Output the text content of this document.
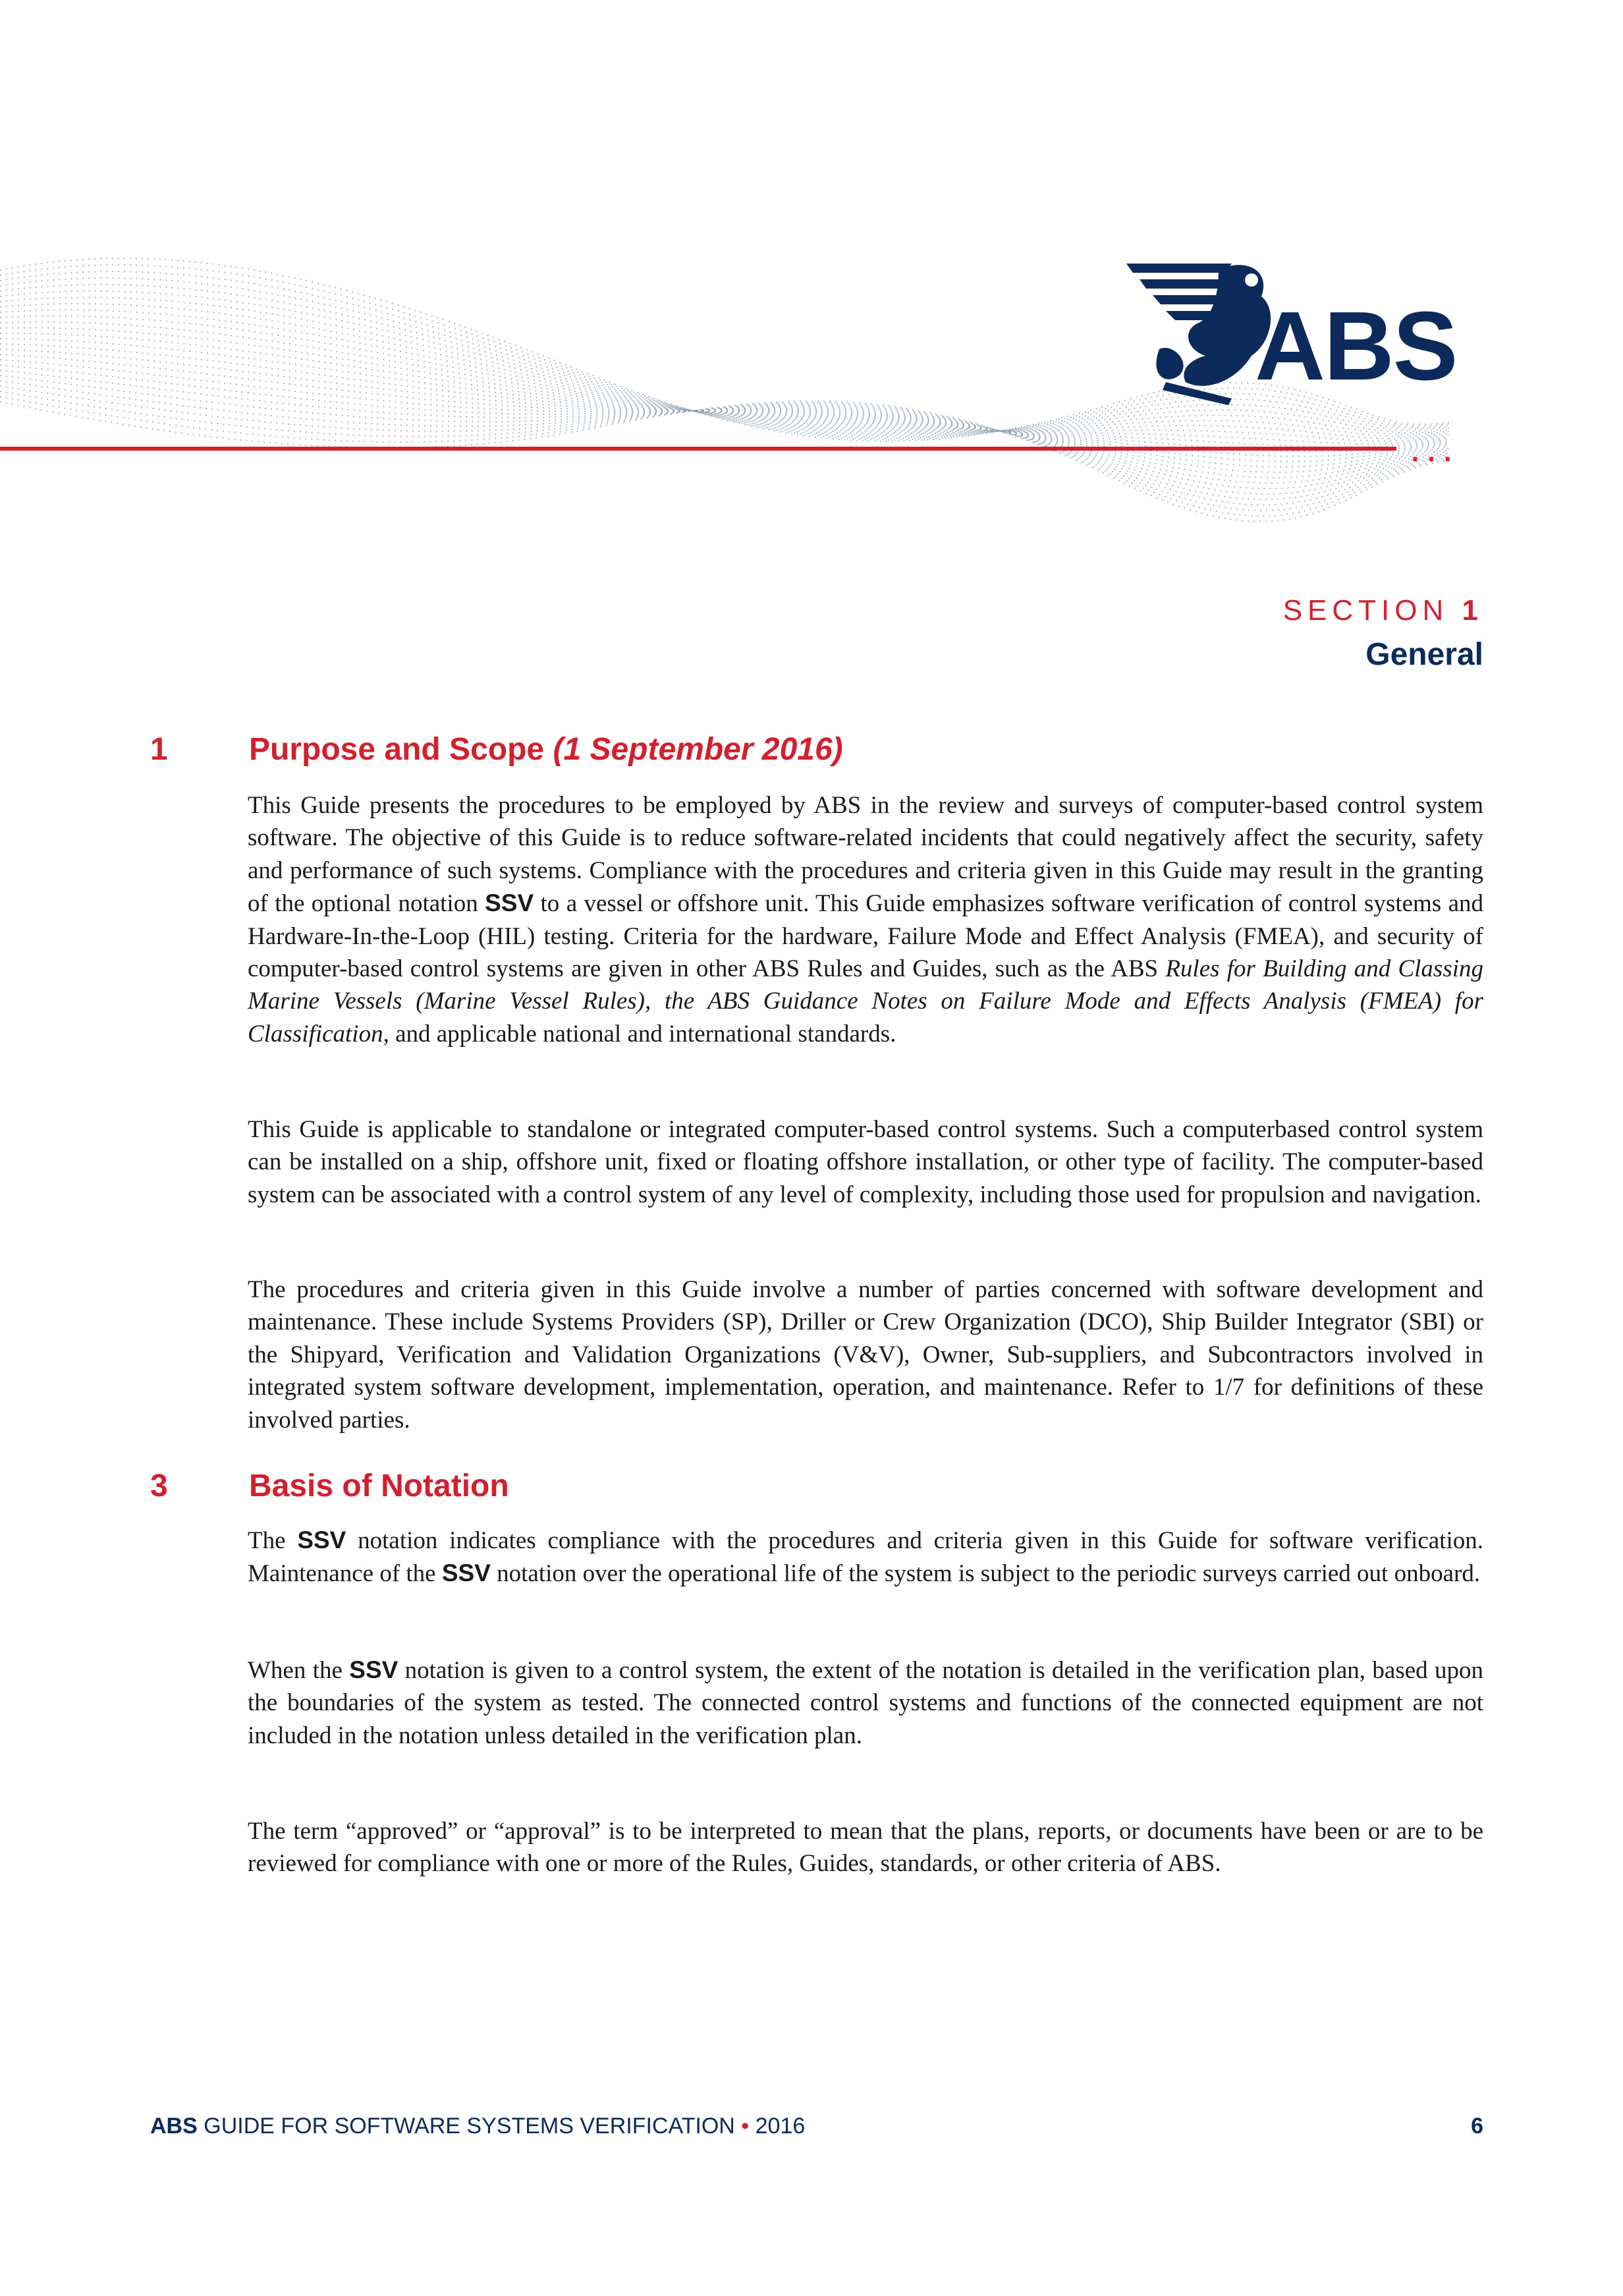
...
ABS
SECTION 1
General
1	Purpose and Scope (1 September 2016)

This Guide presents the procedures to be employed by ABS in the review and surveys of computer-based control system software. The objective of this Guide is to reduce software-related incidents that could negatively affect the security, safety and performance of such systems. Compliance with the procedures and criteria given in this Guide may result in the granting of the optional notation SSV to a vessel or offshore unit. This Guide emphasizes software verification of control systems and Hardware-In-the-Loop (HIL) testing. Criteria for the hardware, Failure Mode and Effect Analysis (FMEA), and security of computer-based control systems are given in other ABS Rules and Guides, such as the ABS Rules for Building and Classing Marine Vessels (Marine Vessel Rules), the ABS Guidance Notes on Failure Mode and Effects Analysis (FMEA) for Classification, and applicable national and international standards.

This Guide is applicable to standalone or integrated computer-based control systems. Such a computerbased control system can be installed on a ship, offshore unit, fixed or floating offshore installation, or other type of facility. The computer-based system can be associated with a control system of any level of complexity, including those used for propulsion and navigation.

The procedures and criteria given in this Guide involve a number of parties concerned with software development and maintenance. These include Systems Providers (SP), Driller or Crew Organization (DCO), Ship Builder Integrator (SBI) or the Shipyard, Verification and Validation Organizations (V&V), Owner, Sub-suppliers, and Subcontractors involved in integrated system software development, implementation, operation, and maintenance. Refer to 1/7 for definitions of these involved parties.

3	Basis of Notation

The SSV notation indicates compliance with the procedures and criteria given in this Guide for software verification. Maintenance of the SSV notation over the operational life of the system is subject to the periodic surveys carried out onboard.

When the SSV notation is given to a control system, the extent of the notation is detailed in the verification plan, based upon the boundaries of the system as tested. The connected control systems and functions of the connected equipment are not included in the notation unless detailed in the verification plan.

The term “approved” or “approval” is to be interpreted to mean that the plans, reports, or documents have been or are to be reviewed for compliance with one or more of the Rules, Guides, standards, or other criteria of ABS.

ABS GUIDE FOR SOFTWARE SYSTEMS VERIFICATION • 2016	6
